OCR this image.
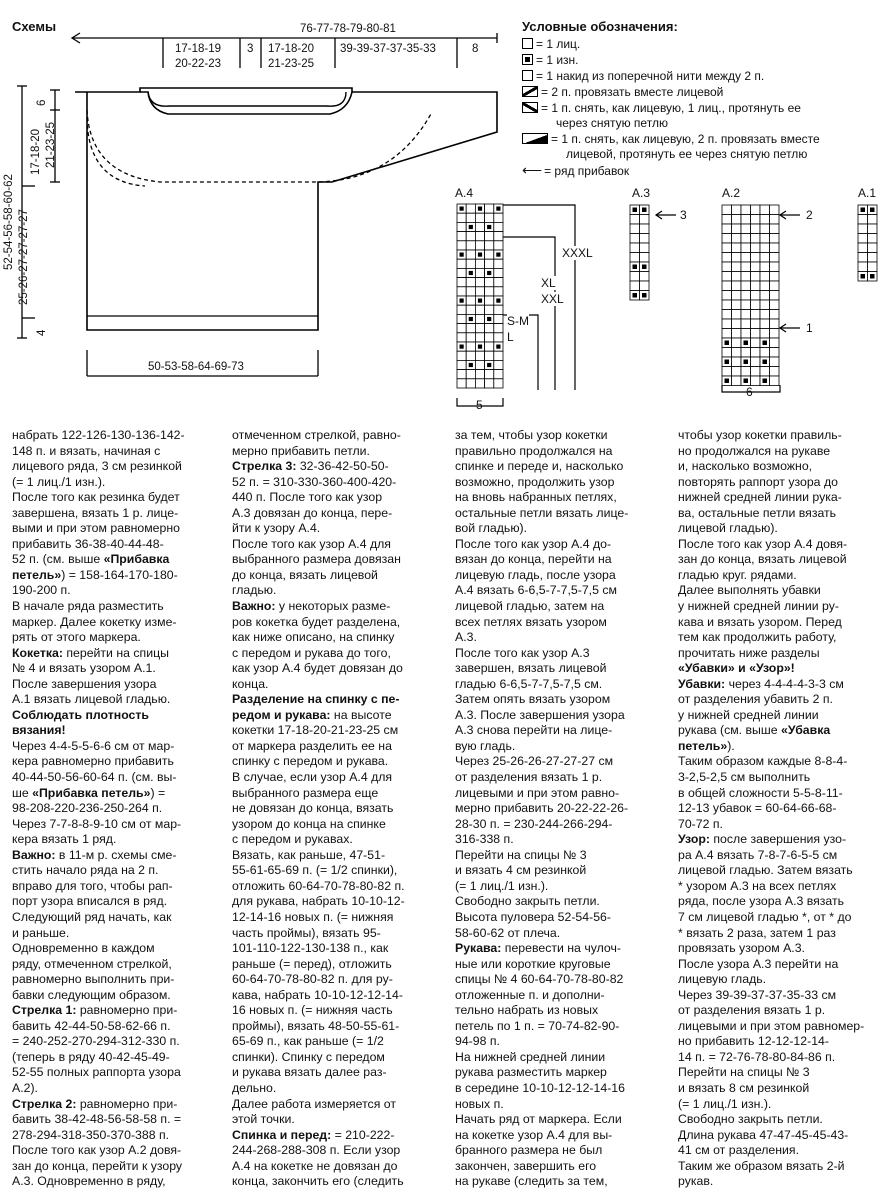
Схемы	76-77-78-79-80-81
17-18-19
20-22-23
3 17-18-20
21-23-25
39-39-37-37-35-33	8
50-53-58-64-69-73
52-54-56-58-60-62 25-26-27-27-27-27
17-18-20 21-23-25
6
4
Условные обозначения:
= 1 лиц.
= 1 изн.
= 1 накид из поперечной нити между 2 п.
= 2 п. провязать вместе лицевой
= 1 п. снять, как лицевую, 1 лиц., протянуть ее
через снятую петлю
= 1 п. снять, как лицевую, 2 п. провязать вместе
лицевой, протянуть ее через снятую петлю
⟵ = ряд прибавок
A.4	A.3	A.2	A.1
XXXL
XL
XXL
S-M
L
5
6
3	2
1

набрать 122-126-130-136-142-

148 п. и вязать, начиная с

лицевого ряда, 3 см резинкой

(= 1 лиц./1 изн.).

После того как резинка будет

завершена, вязать 1 р. лице-

выми и при этом равномерно

прибавить 36-38-40-44-48-

52 п. (см. выше «Прибавка

петель») = 158-164-170-180-

190-200 п.

В начале ряда разместить

маркер. Далее кокетку изме-

рять от этого маркера.

Кокетка: перейти на спицы

№ 4 и вязать узором A.1.

После завершения узора

A.1 вязать лицевой гладью.

Соблюдать плотность

вязания!

Через 4-4-5-5-6-6 см от мар-

кера равномерно прибавить

40-44-50-56-60-64 п. (см. вы-

ше «Прибавка петель») =

98-208-220-236-250-264 п.

Через 7-7-8-8-9-10 см от мар-

кера вязать 1 ряд.

Важно: в 11-м р. схемы сме-

стить начало ряда на 2 п.

вправо для того, чтобы рап-

порт узора вписался в ряд.

Следующий ряд начать, как

и раньше.

Одновременно в каждом

ряду, отмеченном стрелкой,

равномерно выполнить при-

бавки следующим образом.

Стрелка 1: равномерно при-

бавить 42-44-50-58-62-66 п.

= 240-252-270-294-312-330 п.

(теперь в ряду 40-42-45-49-

52-55 полных раппорта узора

A.2).

Стрелка 2: равномерно при-

бавить 38-42-48-56-58-58 п. =

278-294-318-350-370-388 п.

После того как узор A.2 довя-

зан до конца, перейти к узору

A.3. Одновременно в ряду,

отмеченном стрелкой, равно-

мерно прибавить петли.

Стрелка 3: 32-36-42-50-50-

52 п. = 310-330-360-400-420-

440 п. После того как узор

A.3 довязан до конца, пере-

йти к узору A.4.

После того как узор A.4 для

выбранного размера довязан

до конца, вязать лицевой

гладью.

Важно: у некоторых разме-

ров кокетка будет разделена,

как ниже описано, на спинку

с передом и рукава до того,

как узор A.4 будет довязан до

конца.

Разделение на спинку с пе-

редом и рукава: на высоте

кокетки 17-18-20-21-23-25 см

от маркера разделить ее на

спинку с передом и рукава.

В случае, если узор A.4 для

выбранного размера еще

не довязан до конца, вязать

узором до конца на спинке

с передом и рукавах.

Вязать, как раньше, 47-51-

55-61-65-69 п. (= 1/2 спинки),

отложить 60-64-70-78-80-82 п.

для рукава, набрать 10-10-12-

12-14-16 новых п. (= нижняя

часть проймы), вязать 95-

101-110-122-130-138 п., как

раньше (= перед), отложить

60-64-70-78-80-82 п. для ру-

кава, набрать 10-10-12-12-14-

16 новых п. (= нижняя часть

проймы), вязать 48-50-55-61-

65-69 п., как раньше (= 1/2

спинки). Спинку с передом

и рукава вязать далее раз-

дельно.

Далее работа измеряется от

этой точки.

Спинка и перед: = 210-222-

244-268-288-308 п. Если узор

A.4 на кокетке не довязан до

конца, закончить его (следить

за тем, чтобы узор кокетки

правильно продолжался на

спинке и переде и, насколько

возможно, продолжить узор

на вновь набранных петлях,

остальные петли вязать лице-

вой гладью).

После того как узор A.4 до-

вязан до конца, перейти на

лицевую гладь, после узора

A.4 вязать 6-6,5-7-7,5-7,5 см

лицевой гладью, затем на

всех петлях вязать узором

A.3.

После того как узор A.3

завершен, вязать лицевой

гладью 6-6,5-7-7,5-7,5 см.

Затем опять вязать узором

A.3. После завершения узора

A.3 снова перейти на лице-

вую гладь.

Через 25-26-26-27-27-27 см

от разделения вязать 1 р.

лицевыми и при этом равно-

мерно прибавить 20-22-22-26-

28-30 п. = 230-244-266-294-

316-338 п.

Перейти на спицы № 3

и вязать 4 см резинкой

(= 1 лиц./1 изн.).

Свободно закрыть петли.

Высота пуловера 52-54-56-

58-60-62 от плеча.

Рукава: перевести на чулоч-

ные или короткие круговые

спицы № 4 60-64-70-78-80-82

отложенные п. и дополни-

тельно набрать из новых

петель по 1 п. = 70-74-82-90-

94-98 п.

На нижней средней линии

рукава разместить маркер

в середине 10-10-12-12-14-16

новых п.

Начать ряд от маркера. Если

на кокетке узор A.4 для вы-

бранного размера не был

закончен, завершить его

на рукаве (следить за тем,

чтобы узор кокетки правиль-

но продолжался на рукаве

и, насколько возможно,

повторять раппорт узора до

нижней средней линии рука-

ва, остальные петли вязать

лицевой гладью).

После того как узор A.4 довя-

зан до конца, вязать лицевой

гладью круг. рядами.

Далее выполнять убавки

у нижней средней линии ру-

кава и вязать узором. Перед

тем как продолжить работу,

прочитать ниже разделы

«Убавки» и «Узор»!

Убавки: через 4-4-4-4-3-3 см

от разделения убавить 2 п.

у нижней средней линии

рукава (см. выше «Убавка

петель»).

Таким образом каждые 8-8-4-

3-2,5-2,5 см выполнить

в общей сложности 5-5-8-11-

12-13 убавок = 60-64-66-68-

70-72 п.

Узор: после завершения узо-

ра A.4 вязать 7-8-7-6-5-5 см

лицевой гладью. Затем вязать

* узором A.3 на всех петлях

ряда, после узора A.3 вязать

7 см лицевой гладью *, от * до

* вязать 2 раза, затем 1 раз

провязать узором A.3.

После узора A.3 перейти на

лицевую гладь.

Через 39-39-37-37-35-33 см

от разделения вязать 1 р.

лицевыми и при этом равномер-

но прибавить 12-12-12-14-

14 п. = 72-76-78-80-84-86 п.

Перейти на спицы № 3

и вязать 8 см резинкой

(= 1 лиц./1 изн.).

Свободно закрыть петли.

Длина рукава 47-47-45-45-43-

41 см от разделения.

Таким же образом вязать 2-й

рукав.
